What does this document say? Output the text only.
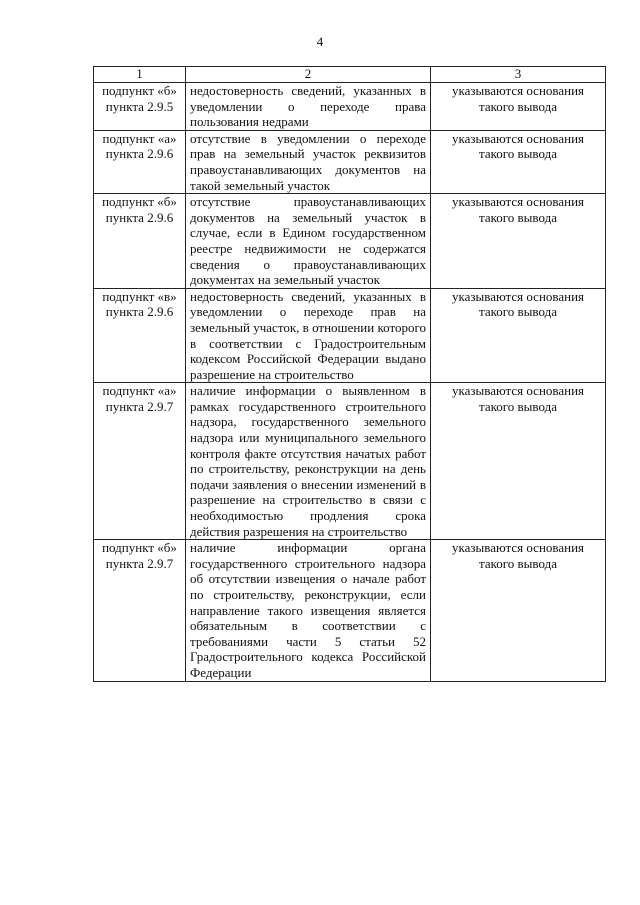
4
1	2	3
подпункт «б» пункта 2.9.5	недостоверность сведений, указанных в уведомлении о переходе права пользования недрами	указываются основания такого вывода
подпункт «а» пункта 2.9.6	отсутствие в уведомлении о переходе прав на земельный участок реквизитов правоустанавливающих документов на такой земельный участок	указываются основания такого вывода
подпункт «б» пункта 2.9.6	отсутствие правоустанавливающих документов на земельный участок в случае, если в Едином государственном реестре недвижимости не содержатся сведения о правоустанавливающих документах на земельный участок	указываются основания такого вывода
подпункт «в» пункта 2.9.6	недостоверность сведений, указанных в уведомлении о переходе прав на земельный участок, в отношении которого в соответствии с Градостроительным кодексом Российской Федерации выдано разрешение на строительство	указываются основания такого вывода
подпункт «а» пункта 2.9.7	наличие информации о выявленном в рамках государственного строительного надзора, государственного земельного надзора или муниципального земельного контроля факте отсутствия начатых работ по строительству, реконструкции на день подачи заявления о внесении изменений в разрешение на строительство в связи с необходимостью продления срока действия разрешения на строительство	указываются основания такого вывода
подпункт «б» пункта 2.9.7	наличие информации органа государственного строительного надзора об отсутствии извещения о начале работ по строительству, реконструкции, если направление такого извещения является обязательным в соответствии с требованиями части 5 статьи 52 Градостроительного кодекса Российской Федерации	указываются основания такого вывода
